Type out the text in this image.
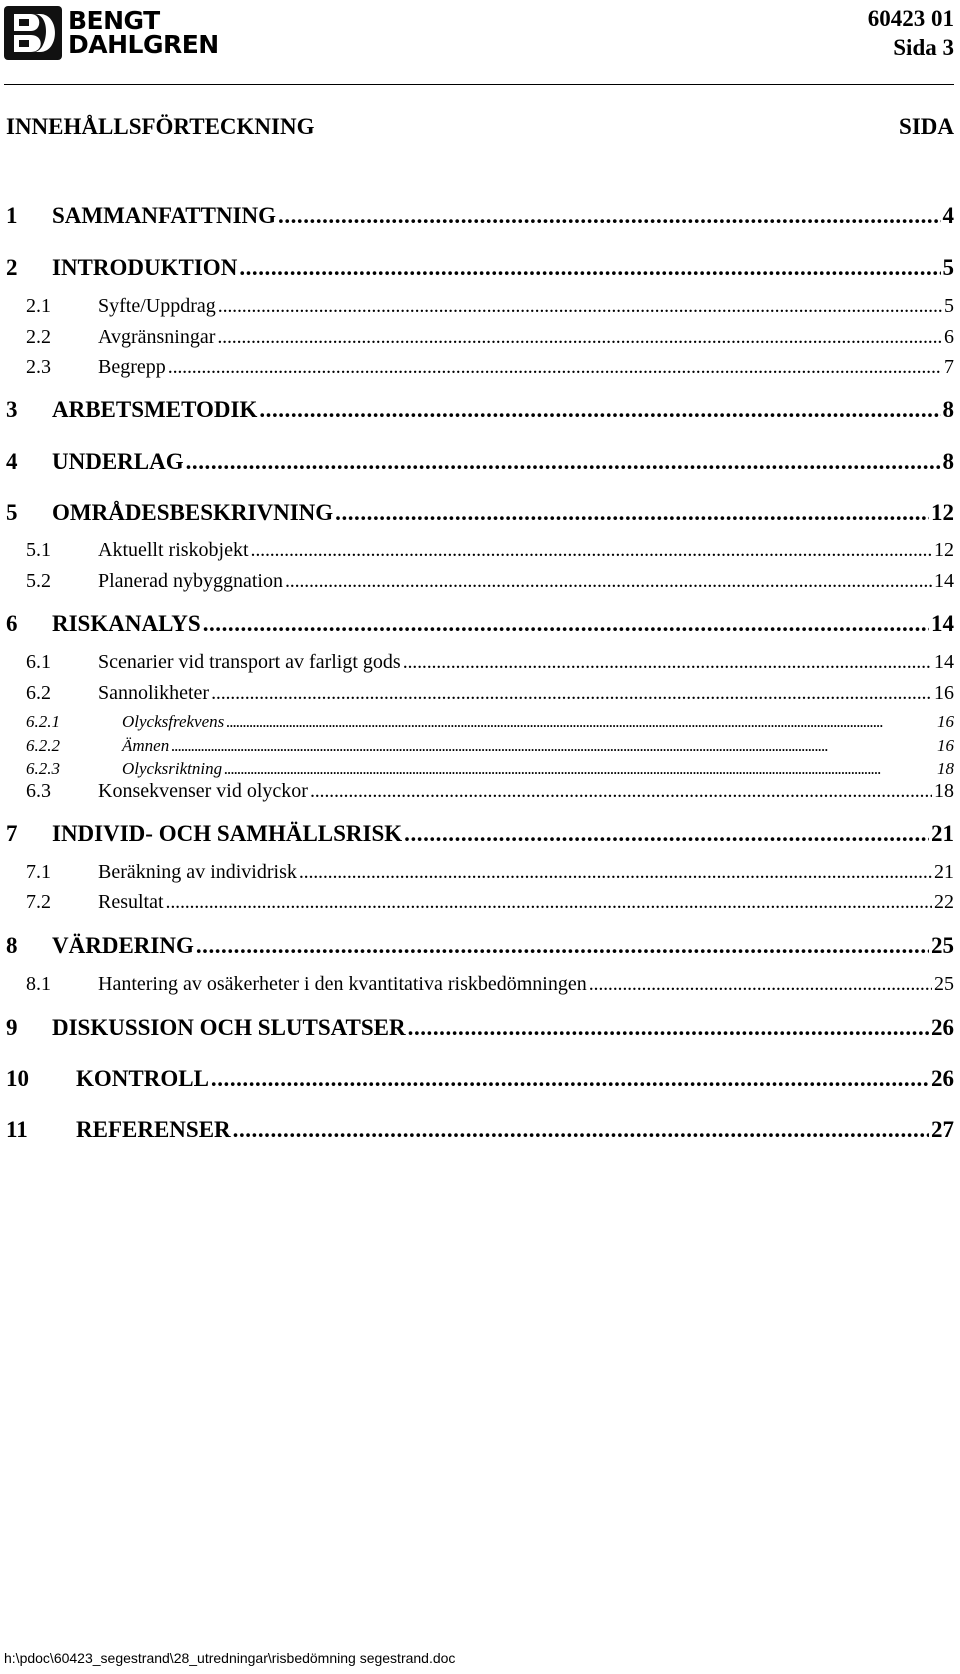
BENGT
DAHLGREN
60423 01
Sida 3
INNEHÅLLSFÖRTECKNING	SIDA
1	SAMMANFATTNING . . .	4
2	INTRODUKTION . . .	5
2.1	Syfte/Uppdrag . . .	5
2.2	Avgränsningar . . .	6
2.3	Begrepp . . .	7
3	ARBETSMETODIK . . .	8
4	UNDERLAG . . .	8
5	OMRÅDESBESKRIVNING . . .	12
5.1	Aktuellt riskobjekt . . .	12
5.2	Planerad nybyggnation . . .	14
6	RISKANALYS . . .	14
6.1	Scenarier vid transport av farligt gods . . .	14
6.2	Sannolikheter . . .	16
6.2.1	Olycksfrekvens . . .	16
6.2.2	Ämnen . . .	16
6.2.3	Olycksriktning . . .	18
6.3	Konsekvenser vid olyckor . . .	18
7	INDIVID- OCH SAMHÄLLSRISK . . .	21
7.1	Beräkning av individrisk . . .	21
7.2	Resultat . . .	22
8	VÄRDERING . . .	25
8.1	Hantering av osäkerheter i den kvantitativa riskbedömningen . . .	25
9	DISKUSSION OCH SLUTSATSER . . .	26
10	KONTROLL . . .	26
11	REFERENSER . . .	27
h:\pdoc\60423_segestrand\28_utredningar\risbedömning segestrand.doc
